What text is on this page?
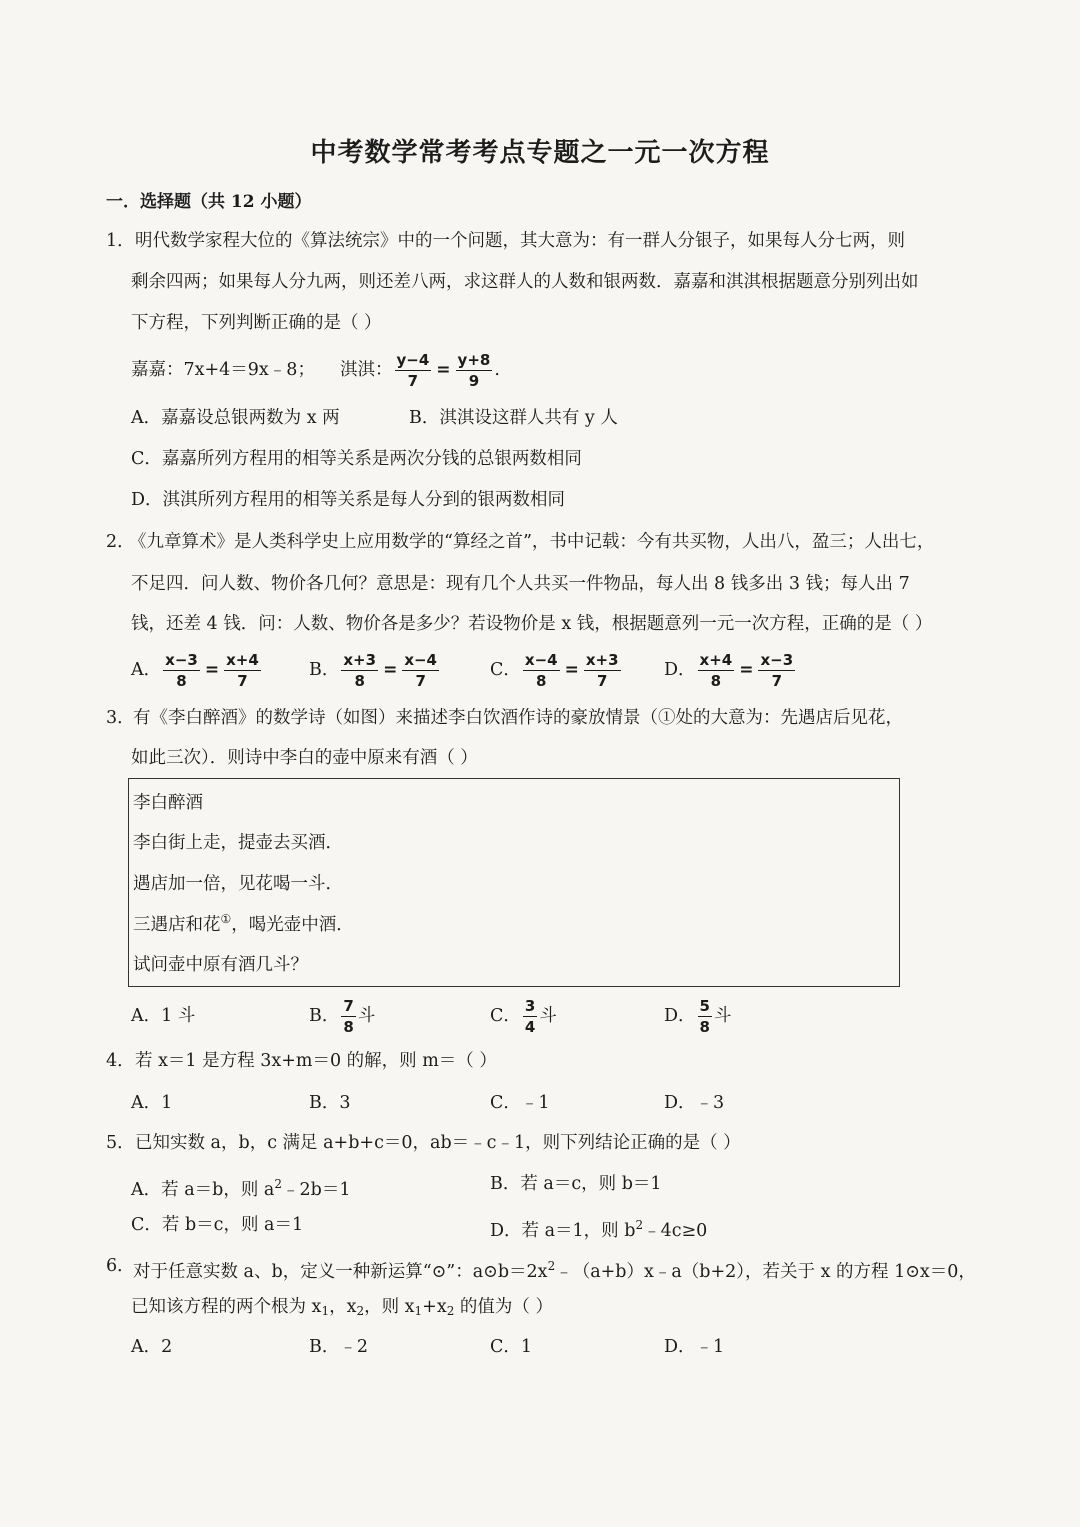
中考数学常考考点专题之一元一次方程
一．选择题（共 12 小题）
1． 明代数学家程大位的《算法统宗》中的一个问题，其大意为：有一群人分银子，如果每人分七两，则
剩余四两；如果每人分九两，则还差八两，求这群人的人数和银两数．嘉嘉和淇淇根据题意分别列出如
下方程，下列判断正确的是（ ）
嘉嘉：7x+4＝9x﹣8； 淇淇： $\frac{y-4}{7} = \frac{y+8}{9}$ .
A．嘉嘉设总银两数为 x 两	B．淇淇设这群人共有 y 人
C．嘉嘉所列方程用的相等关系是两次分钱的总银两数相同
D．淇淇所列方程用的相等关系是每人分到的银两数相同
2．
《九章算术》是人类科学史上应用数学的“算经之首”，书中记载：今有共买物，人出八，盈三；人出七，
不足四．问人数、物价各几何？意思是：现有几个人共买一件物品，每人出 8 钱多出 3 钱；每人出 7
钱，还差 4 钱．问：人数、物价各是多少？若设物价是 x 钱，根据题意列一元一次方程，正确的是（ ）
A． $\frac{x-3}{8} = \frac{x+4}{7}$	B． $\frac{x+3}{8} = \frac{x-4}{7}$	C． $\frac{x-4}{8} = \frac{x+3}{7}$ D． $\frac{x+4}{8} = \frac{x-3}{7}$
3．
有《李白醉酒》的数学诗（如图）来描述李白饮酒作诗的豪放情景（①处的大意为：先遇店后见花，
如此三次）．则诗中李白的壶中原来有酒（ ）
李白醉酒
李白街上走，提壶去买酒．
遇店加一倍，见花喝一斗．
三遇店和花①，喝光壶中酒．
试问壶中原有酒几斗？
A．1 斗	B． $\frac{7}{8}$ 斗	C． $\frac{3}{4}$ 斗	D． $\frac{5}{8}$ 斗
4． 若 x＝1 是方程 3x+m＝0 的解，则 m＝（ ）
A．1	B．3	C．﹣1	D．﹣3
5． 已知实数 a，b，c 满足 a+b+c＝0，ab＝﹣c﹣1，则下列结论正确的是（ ）
A．若 a＝b，则 $a^2﹣2b=1$	B．若 a＝c，则 b＝1
C．若 b＝c，则 a＝1	D．若 a＝1，则 $b^2﹣4c\ge 0$
6．
对于任意实数 a、b，定义一种新运算“⊙”：$a⊙b=2x^2﹣(a+b)x﹣a(b+2)$，若关于 x 的方程 1⊙x＝0，
已知该方程的两个根为 $x_1$，$x_2$，则 $x_1+x_2$ 的值为（ ）
A．2	B．﹣2	C．1	D．﹣1
